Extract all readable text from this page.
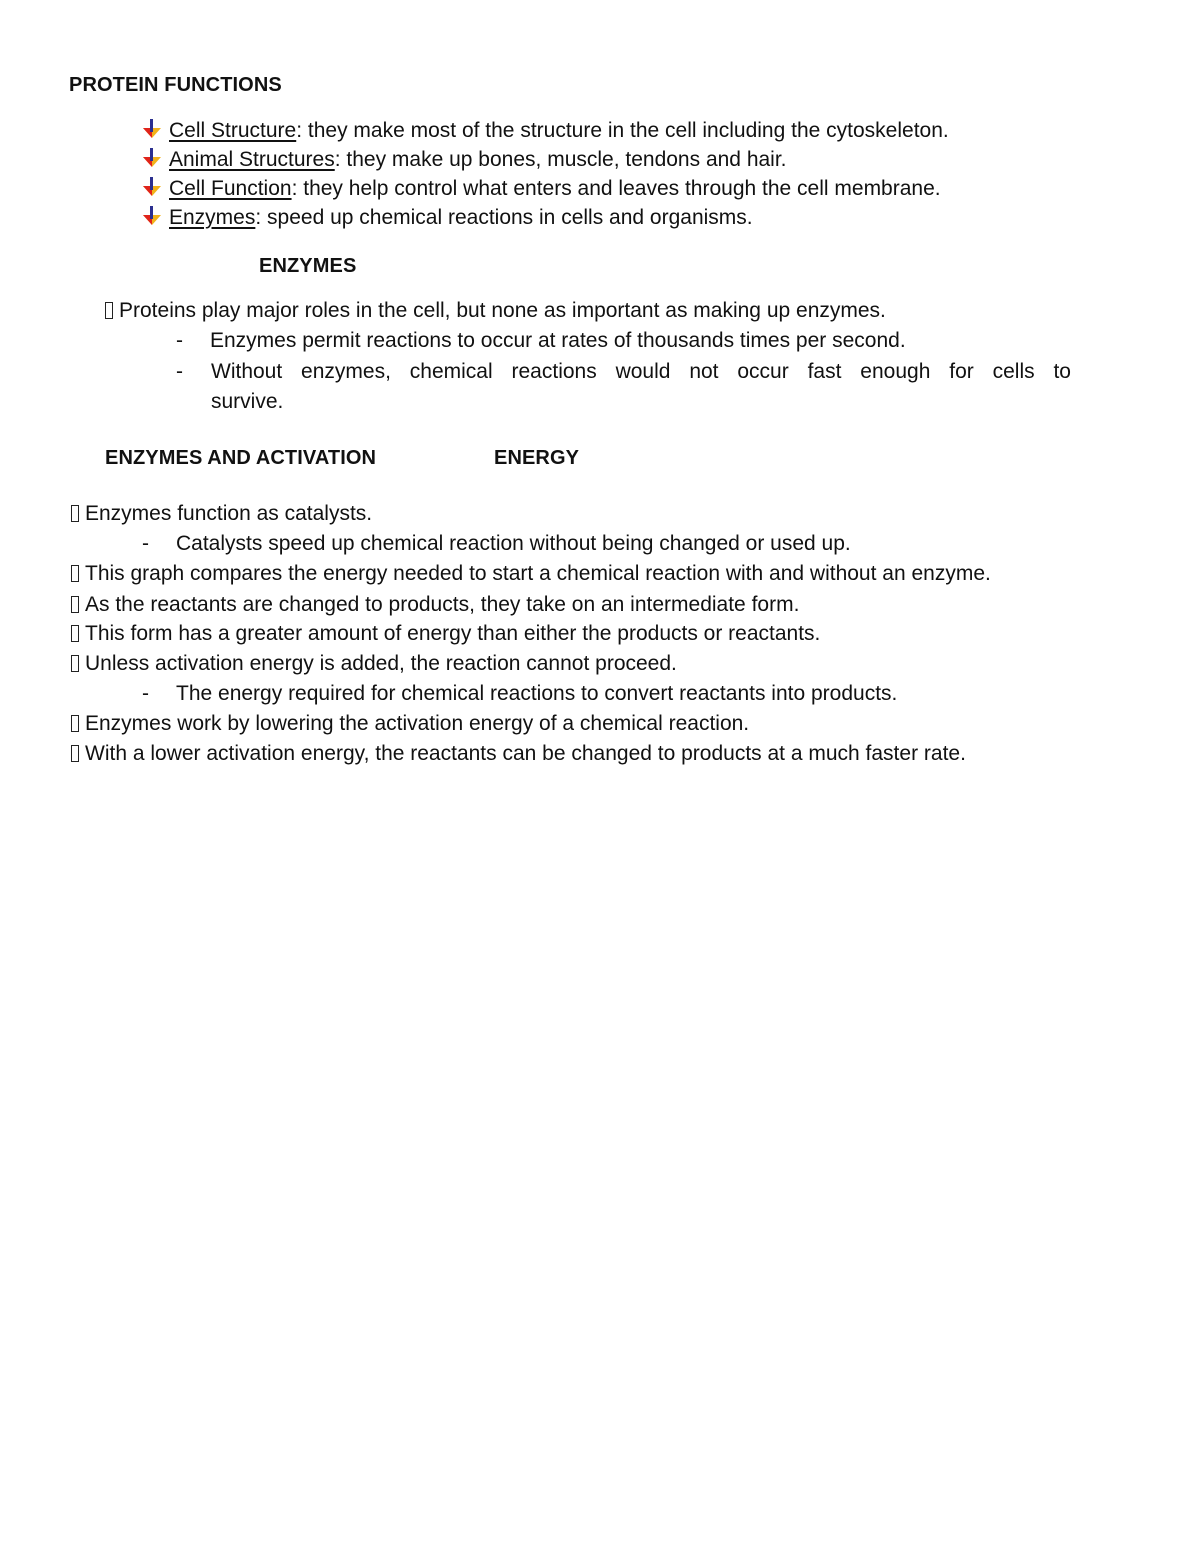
PROTEIN FUNCTIONS
Cell Structure: they make most of the structure in the cell including the cytoskeleton.
Animal Structures: they make up bones, muscle, tendons and hair.
Cell Function: they help control what enters and leaves through the cell membrane.
Enzymes: speed up chemical reactions in cells and organisms.
ENZYMES
Proteins play major roles in the cell, but none as important as making up enzymes.
- Enzymes permit reactions to occur at rates of thousands times per second.
-	Without enzymes, chemical reactions would not occur fast enough for cells to
survive.
ENZYMES AND ACTIVATION	ENERGY
Enzymes function as catalysts.
- Catalysts speed up chemical reaction without being changed or used up.
This graph compares the energy needed to start a chemical reaction with and without an enzyme.
As the reactants are changed to products, they take on an intermediate form.
This form has a greater amount of energy than either the products or reactants.
Unless activation energy is added, the reaction cannot proceed.
- The energy required for chemical reactions to convert reactants into products.
Enzymes work by lowering the activation energy of a chemical reaction.
With a lower activation energy, the reactants can be changed to products at a much faster rate.
